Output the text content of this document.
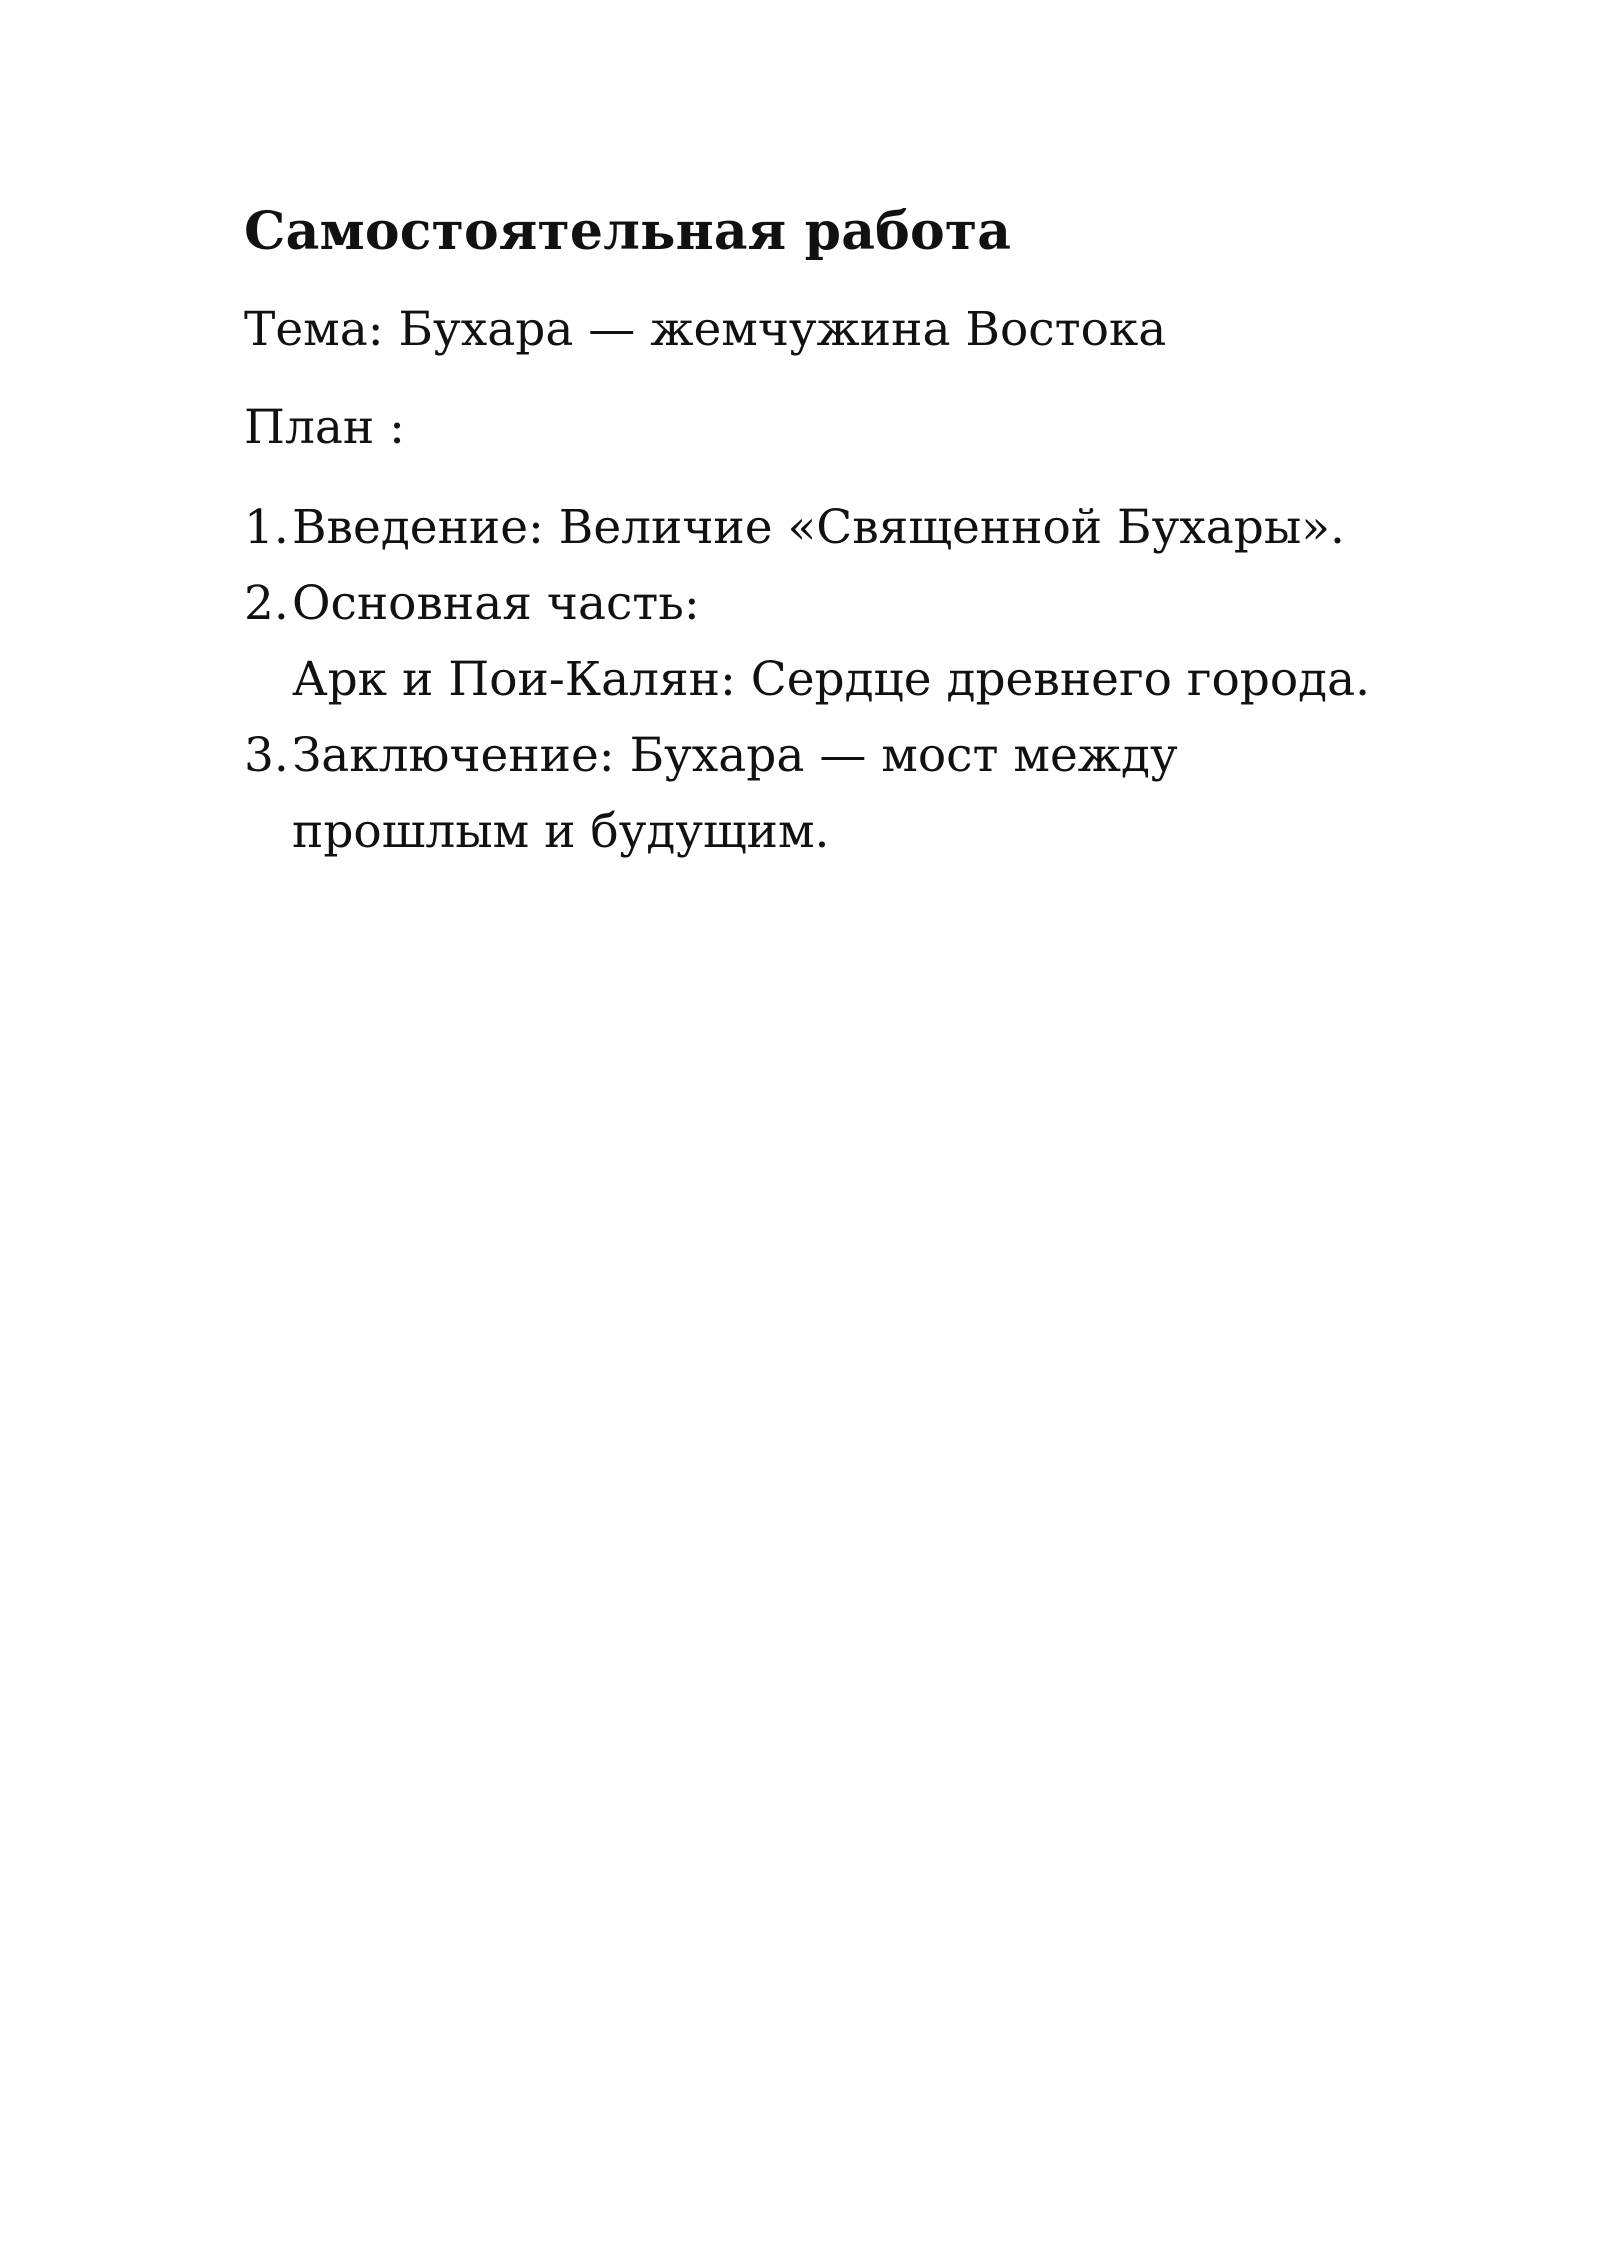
Самостоятельная работа

Тема: Бухара — жемчужина Востока

План :

1. Введение: Величие «Священной Бухары».
2. Основная часть:
Арк и Пои-Калян: Сердце древнего города.
3. Заключение: Бухара — мост между
прошлым и будущим.
